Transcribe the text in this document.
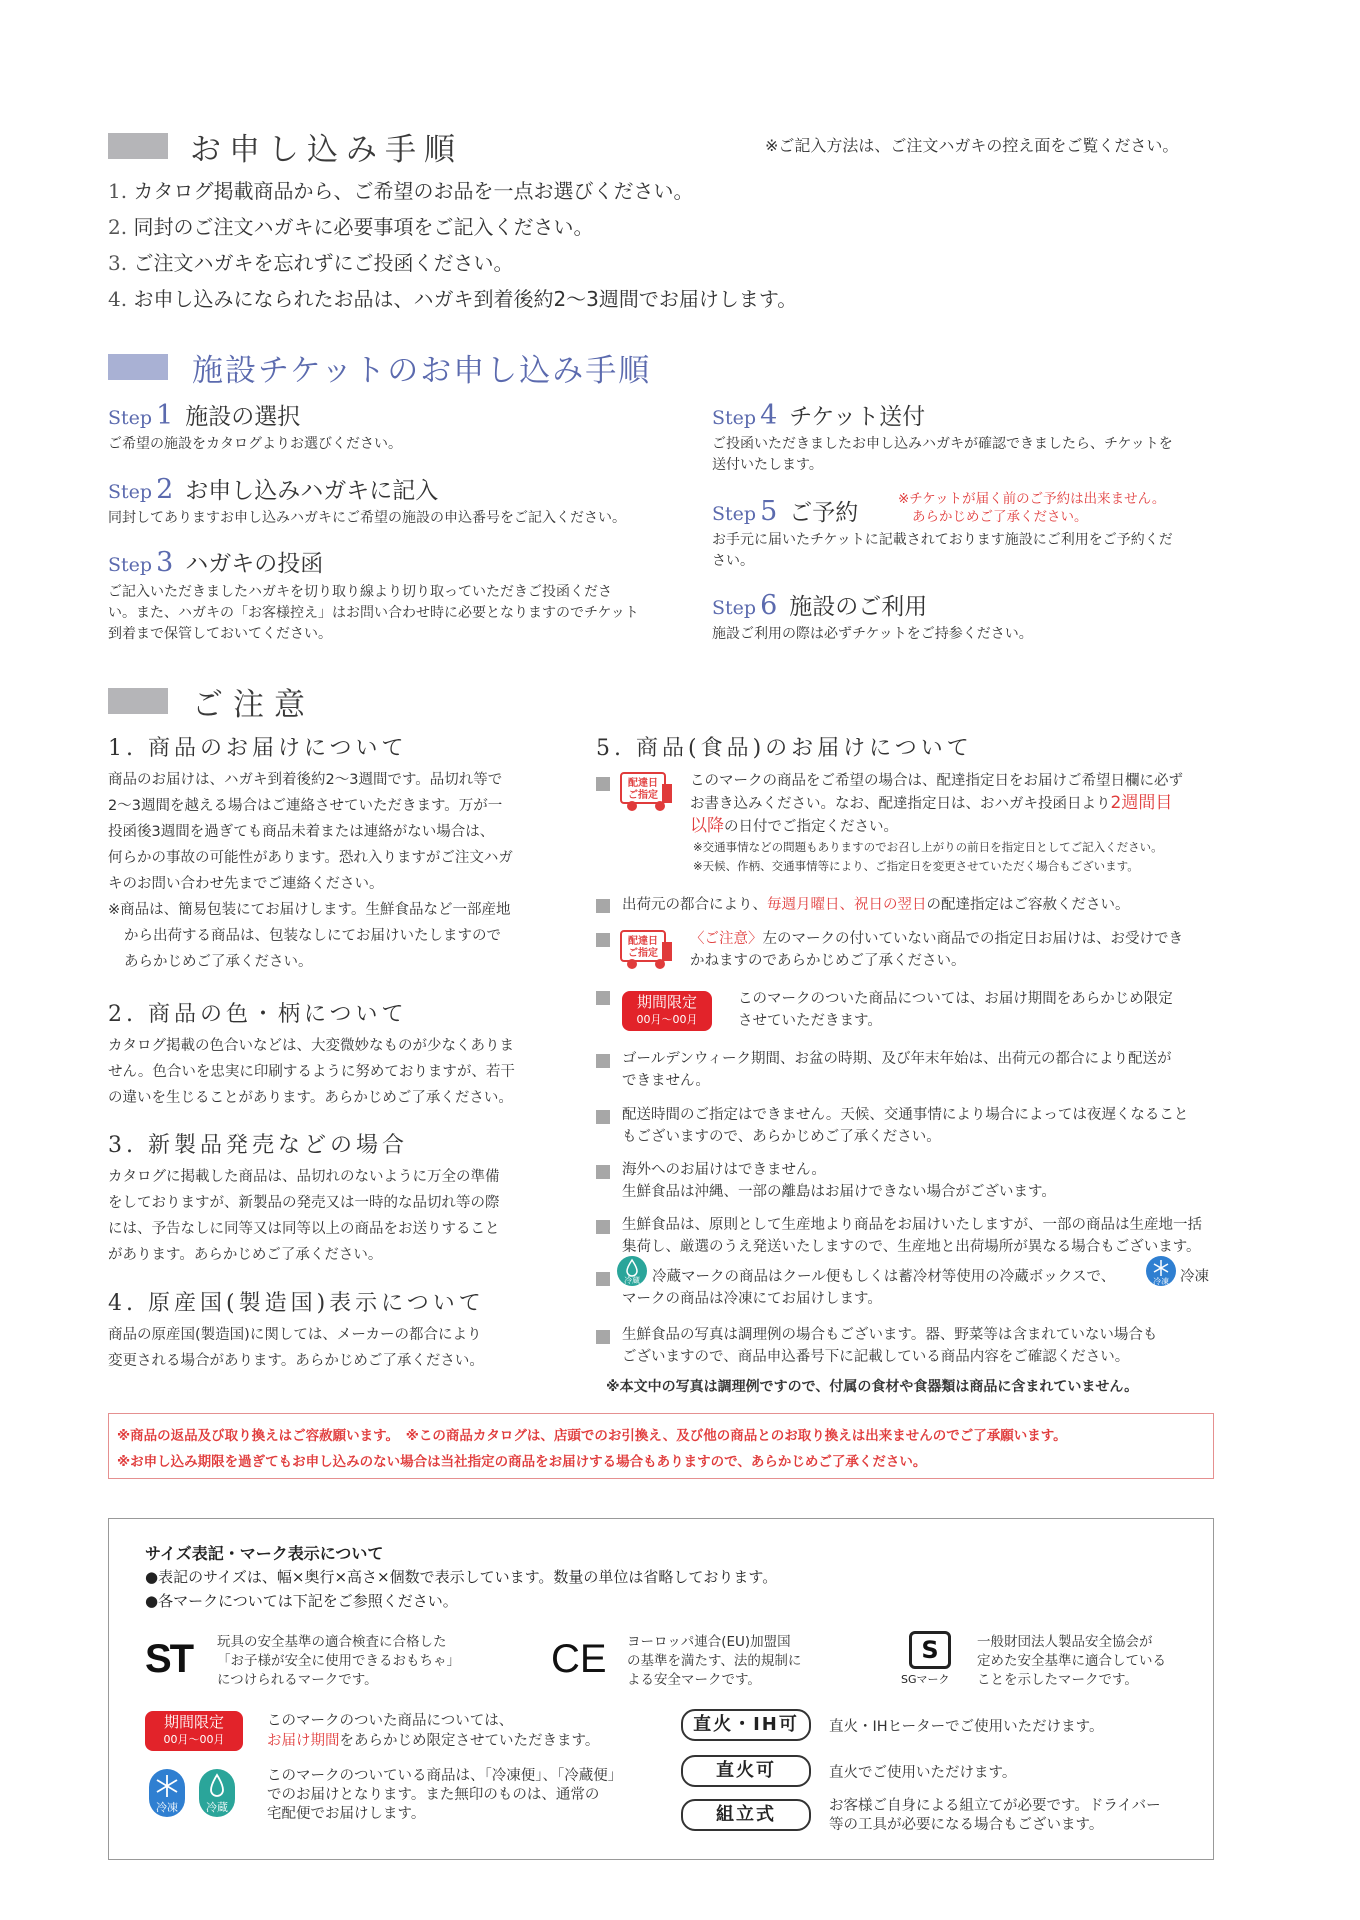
お申し込み手順	※ご記入方法は、ご注文ハガキの控え面をご覧ください。
1. カタログ掲載商品から、ご希望のお品を一点お選びください。
2. 同封のご注文ハガキに必要事項をご記入ください。
3. ご注文ハガキを忘れずにご投函ください。
4. お申し込みになられたお品は、ハガキ到着後約2〜3週間でお届けします。
施設チケットのお申し込み手順
Step 1 施設の選択
ご希望の施設をカタログよりお選びください。
Step 2 お申し込みハガキに記入
同封してありますお申し込みハガキにご希望の施設の申込番号をご記入ください。
Step 3 ハガキの投函
ご記入いただきましたハガキを切り取り線より切り取っていただきご投函くださ
い。また、ハガキの「お客様控え」はお問い合わせ時に必要となりますのでチケット
到着まで保管しておいてください。
Step 4 チケット送付
ご投函いただきましたお申し込みハガキが確認できましたら、チケットを
送付いたします。
Step 5 ご予約
※チケットが届く前のご予約は出来ません。
あらかじめご了承ください。
お手元に届いたチケットに記載されております施設にご利用をご予約くだ
さい。
Step 6 施設のご利用
施設ご利用の際は必ずチケットをご持参ください。
ご注意
1. 商品のお届けについて
商品のお届けは、ハガキ到着後約2〜3週間です。品切れ等で
2〜3週間を越える場合はご連絡させていただきます。万が一
投函後3週間を過ぎても商品未着または連絡がない場合は、
何らかの事故の可能性があります。恐れ入りますがご注文ハガ
キのお問い合わせ先までご連絡ください。
※商品は、簡易包装にてお届けします。生鮮食品など一部産地
から出荷する商品は、包装なしにてお届けいたしますので
あらかじめご了承ください。
2. 商品の色・柄について
カタログ掲載の色合いなどは、大変微妙なものが少なくありま
せん。色合いを忠実に印刷するように努めておりますが、若干
の違いを生じることがあります。あらかじめご了承ください。
3. 新製品発売などの場合
カタログに掲載した商品は、品切れのないように万全の準備
をしておりますが、新製品の発売又は一時的な品切れ等の際
には、予告なしに同等又は同等以上の商品をお送りすること
があります。あらかじめご了承ください。
4. 原産国(製造国)表示について
商品の原産国(製造国)に関しては、メーカーの都合により
変更される場合があります。あらかじめご了承ください。
5. 商品(食品)のお届けについて
配達日
ご指定
このマークの商品をご希望の場合は、配達指定日をお届けご希望日欄に必ず
お書き込みください。なお、配達指定日は、おハガキ投函日より2週間目
以降の日付でご指定ください。
※交通事情などの問題もありますのでお召し上がりの前日を指定日としてご記入ください。
※天候、作柄、交通事情等により、ご指定日を変更させていただく場合もございます。
出荷元の都合により、毎週月曜日、祝日の翌日の配達指定はご容赦ください。
配達日
ご指定
〈ご注意〉左のマークの付いていない商品での指定日お届けは、お受けでき
かねますのであらかじめご了承ください。
期間限定
00月〜00月
このマークのついた商品については、お届け期間をあらかじめ限定
させていただきます。
ゴールデンウィーク期間、お盆の時期、及び年末年始は、出荷元の都合により配送が
できません。
配送時間のご指定はできません。天候、交通事情により場合によっては夜遅くなること
もございますので、あらかじめご了承ください。
海外へのお届けはできません。
生鮮食品は沖縄、一部の離島はお届けできない場合がございます。
生鮮食品は、原則として生産地より商品をお届けいたしますが、一部の商品は生産地一括
集荷し、厳選のうえ発送いたしますので、生産地と出荷場所が異なる場合もございます。
冷蔵 冷蔵マークの商品はクール便もしくは蓄冷材等使用の冷蔵ボックスで、	冷凍 冷凍
マークの商品は冷凍にてお届けします。
生鮮食品の写真は調理例の場合もございます。器、野菜等は含まれていない場合も
ございますので、商品申込番号下に記載している商品内容をご確認ください。
※本文中の写真は調理例ですので、付属の食材や食器類は商品に含まれていません。
※商品の返品及び取り換えはご容赦願います。　 ※この商品カタログは、店頭でのお引換え、及び他の商品とのお取り換えは出来ませんのでご了承願います。
※お申し込み期限を過ぎてもお申し込みのない場合は当社指定の商品をお届けする場合もありますので、あらかじめご了承ください。
サイズ表記・マーク表示について
●表記のサイズは、幅×奥行×高さ×個数で表示しています。数量の単位は省略しております。
●各マークについては下記をご参照ください。
ST 玩具の安全基準の適合検査に合格した
「お子様が安全に使用できるおもちゃ」
につけられるマークです。	CE ヨーロッパ連合(EU)加盟国
の基準を満たす、法的規制に
よる安全マークです。
S
SGマーク
一般財団法人製品安全協会が
定めた安全基準に適合している
ことを示したマークです。
期間限定
00月〜00月
このマークのついた商品については、
お届け期間をあらかじめ限定させていただきます。
冷凍	冷蔵
このマークのついている商品は、「冷凍便」、「冷蔵便」
でのお届けとなります。また無印のものは、通常の
宅配便でお届けします。
直火・IH可	直火・IHヒーターでご使用いただけます。
直火可	直火でご使用いただけます。
組立式	お客様ご自身による組立てが必要です。ドライバー
等の工具が必要になる場合もございます。
